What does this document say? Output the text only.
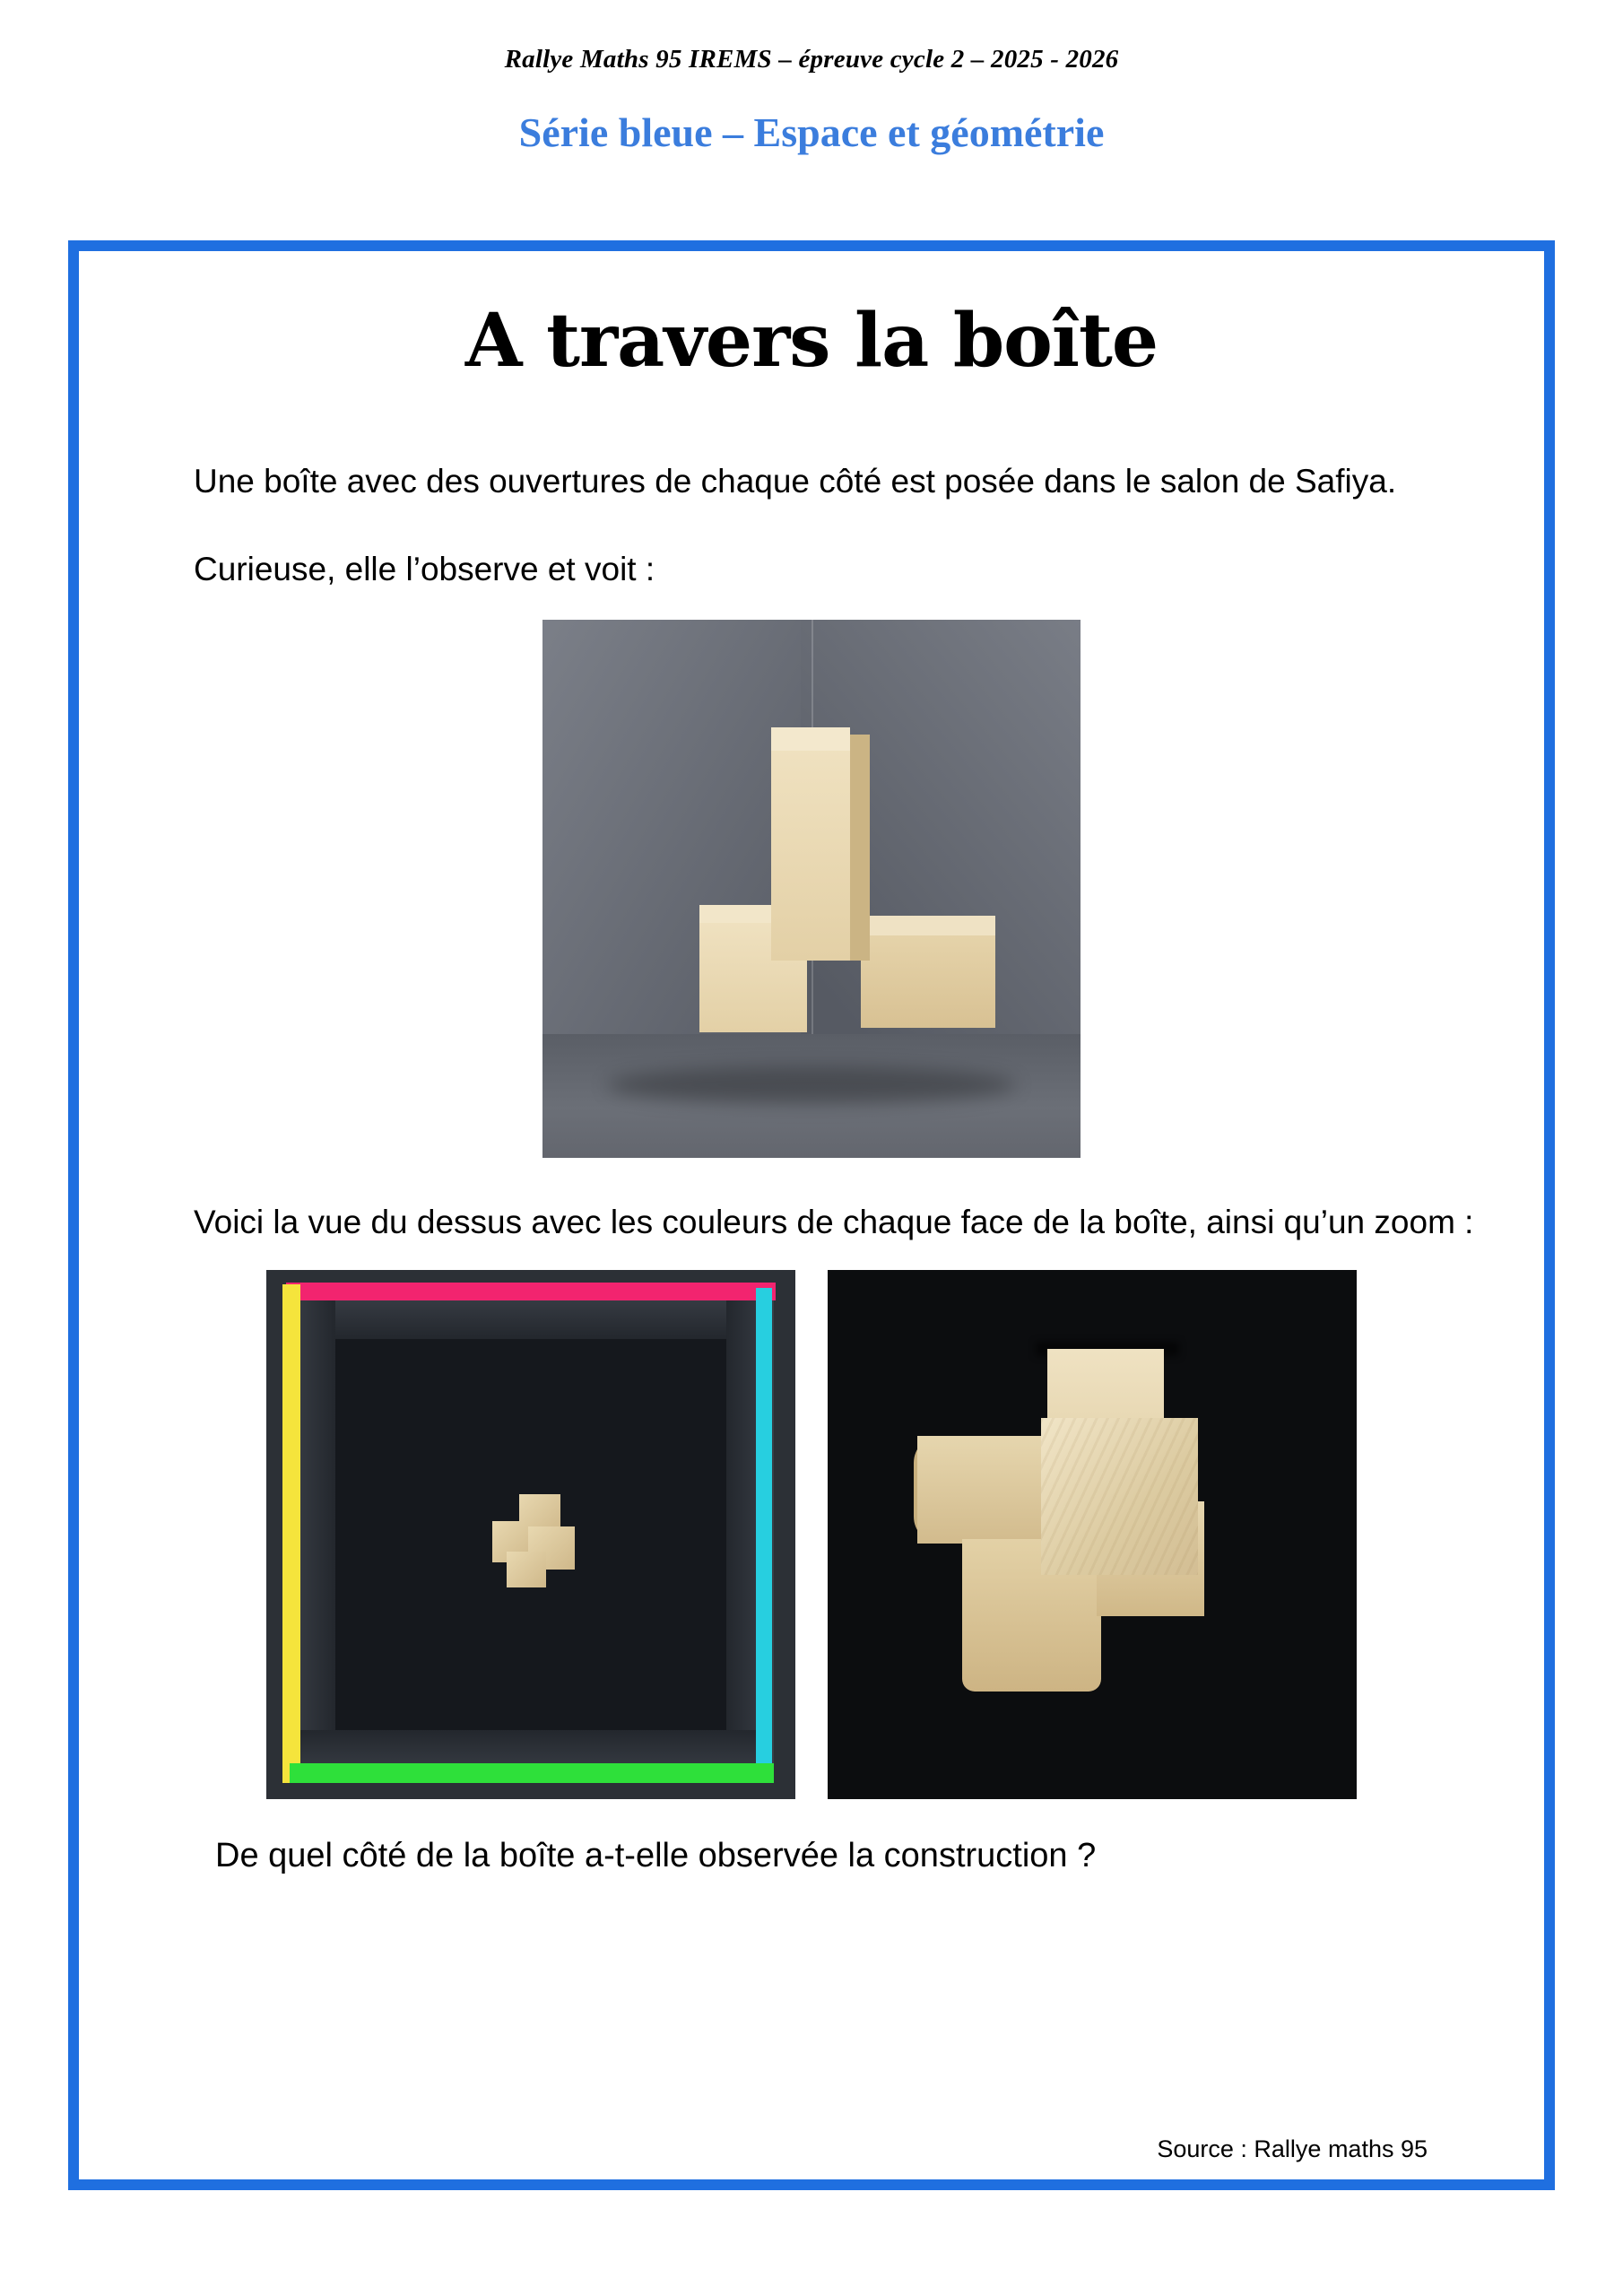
Rallye Maths 95 IREMS – épreuve cycle 2 – 2025 - 2026
Série bleue – Espace et géométrie
A travers la boîte

Une boîte avec des ouvertures de chaque côté est posée dans le salon de Safiya.

Curieuse, elle l’observe et voit :

Voici la vue du dessus avec les couleurs de chaque face de la boîte, ainsi qu’un zoom :

De quel côté de la boîte a-t-elle observée la construction ?

Source : Rallye maths 95
